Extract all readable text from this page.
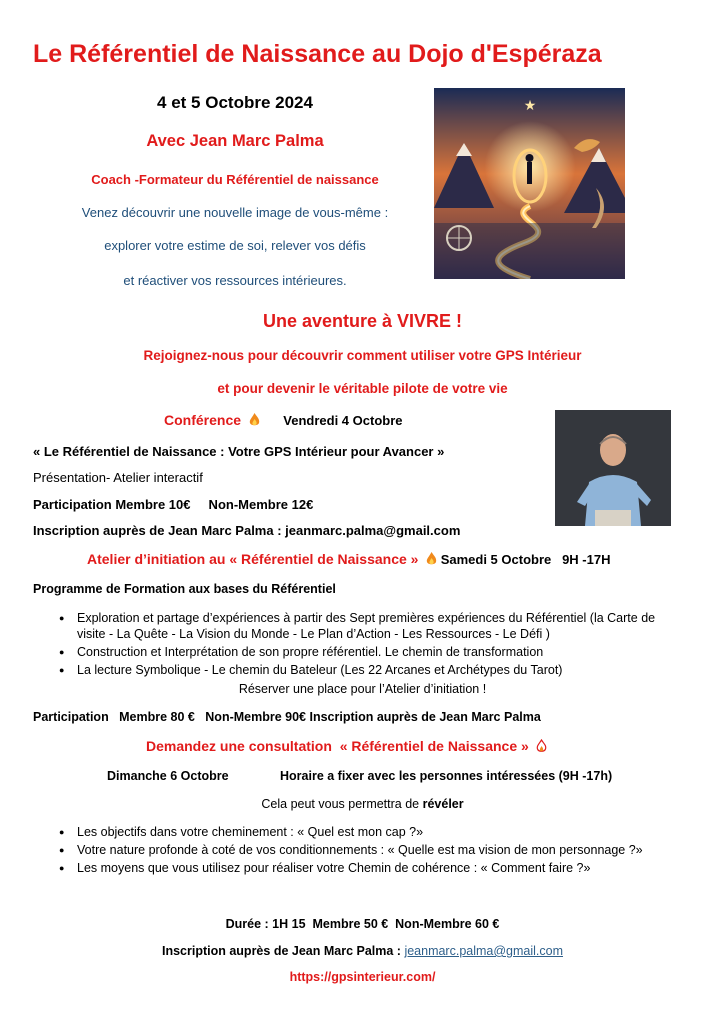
Le Référentiel de Naissance au Dojo d'Espéraza
4 et 5 Octobre 2024
Avec Jean Marc Palma
Coach -Formateur du Référentiel de naissance
Venez découvrir une nouvelle image de vous-même :
explorer votre estime de soi, relever vos défis
et réactiver vos ressources intérieures.
★
Une aventure à VIVRE !
Rejoignez-nous pour découvrir comment utiliser votre GPS Intérieur
et pour devenir le véritable pilote de votre vie
Conférence	Vendredi 4 Octobre
« Le Référentiel de Naissance : Votre GPS Intérieur pour Avancer »
Présentation- Atelier interactif
Participation Membre 10€     Non-Membre 12€
Inscription auprès de Jean Marc Palma : jeanmarc.palma@gmail.com
Atelier d’initiation au « Référentiel de Naissance » Samedi 5 Octobre   9H -17H
Programme de Formation aux bases du Référentiel
● Exploration et partage d’expériences à partir des Sept premières expériences du Référentiel (la Carte de visite - La Quête - La Vision du Monde - Le Plan d’Action - Les Ressources - Le Défi )
● Construction et Interprétation de son propre référentiel. Le chemin de transformation
● La lecture Symbolique - Le chemin du Bateleur (Les 22 Arcanes et Archétypes du Tarot)
Réserver une place pour l’Atelier d’initiation !
Participation   Membre 80 €   Non-Membre 90€ Inscription auprès de Jean Marc Palma
Demandez une consultation  « Référentiel de Naissance »
Dimanche 6 Octobre	Horaire a fixer avec les personnes intéressées (9H -17h)
Cela peut vous permettra de révéler
● Les objectifs dans votre cheminement : « Quel est mon cap ?»
● Votre nature profonde à coté de vos conditionnements : « Quelle est ma vision de mon personnage ?»
● Les moyens que vous utilisez pour réaliser votre Chemin de cohérence : « Comment faire ?»
Durée : 1H 15  Membre 50 €  Non-Membre 60 €
Inscription auprès de Jean Marc Palma : jeanmarc.palma@gmail.com
https://gpsinterieur.com/
